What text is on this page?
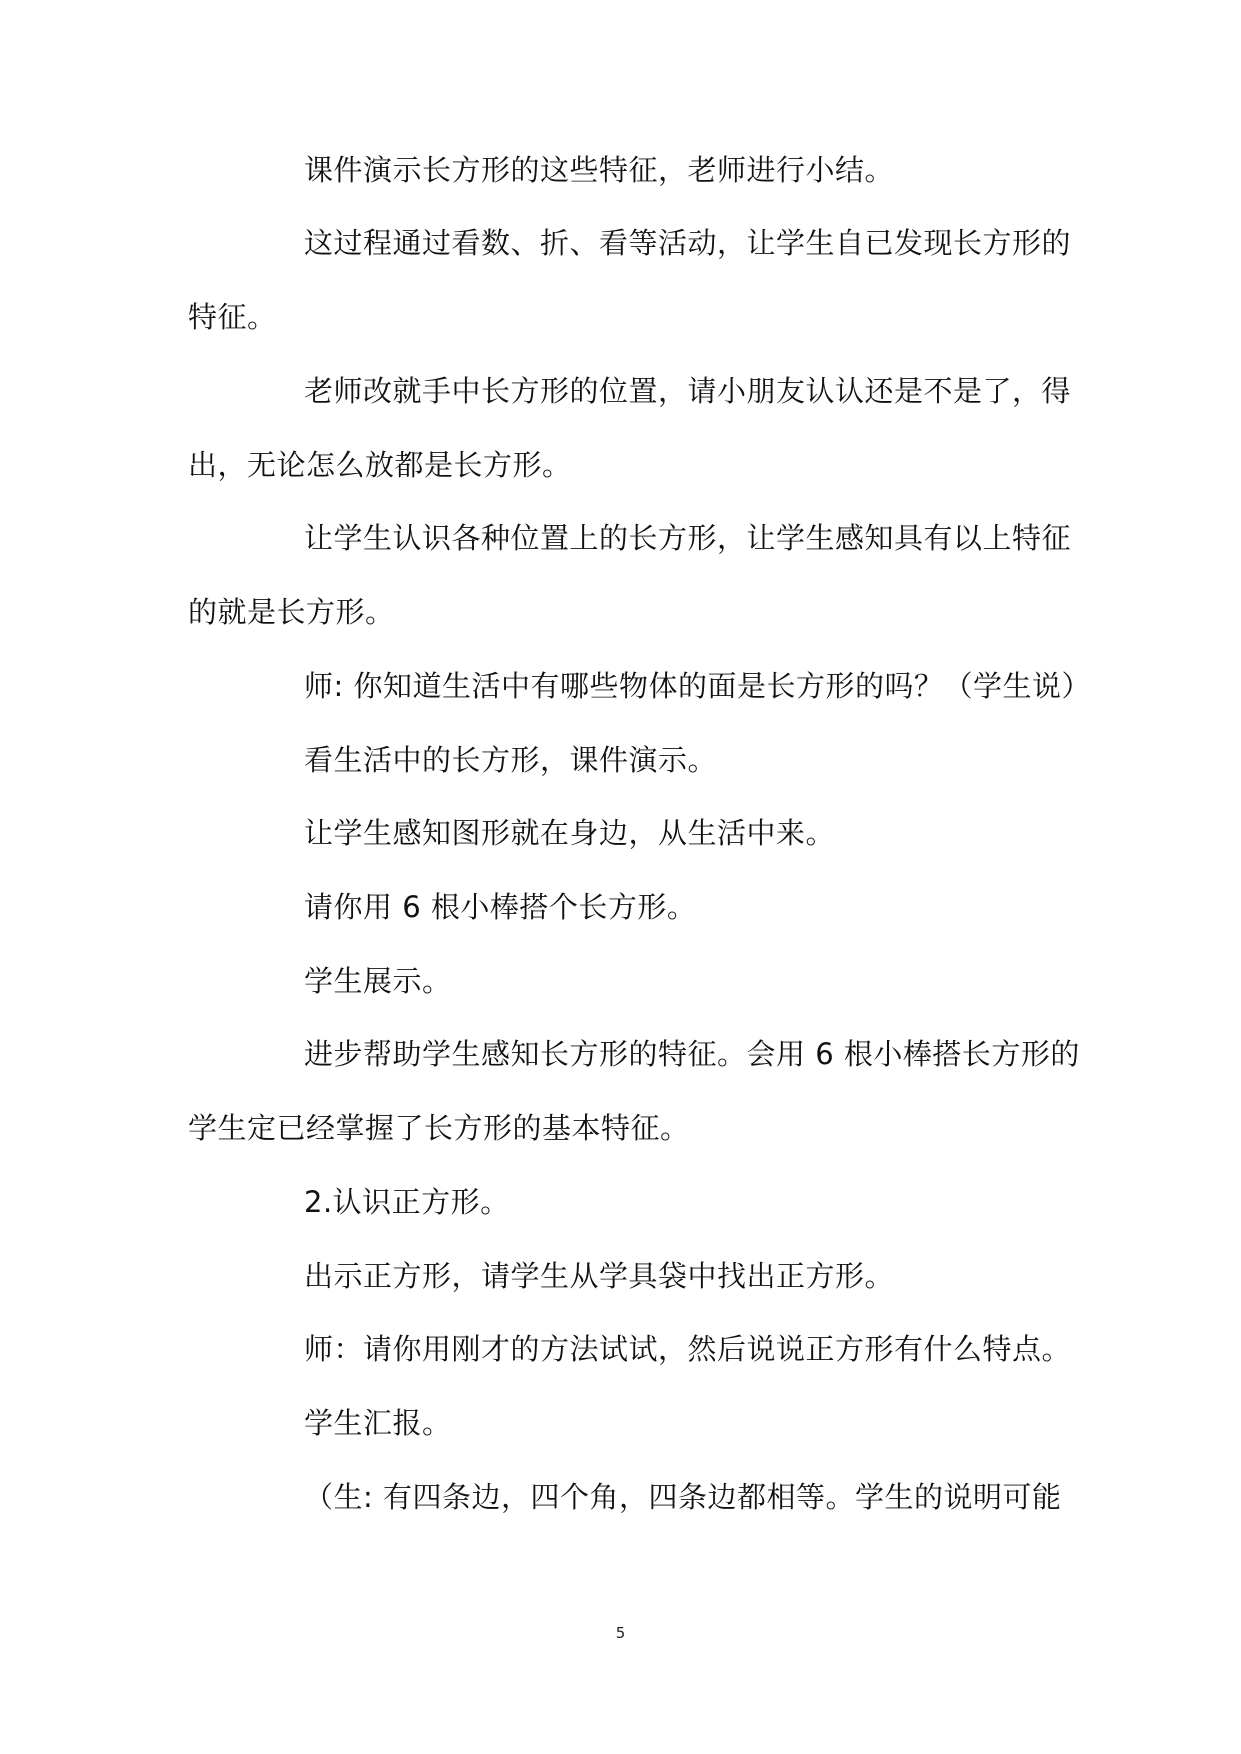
课件演示长方形的这些特征，老师进行小结。
这过程通过看数、折、看等活动，让学生自已发现长方形的
特征。
老师改就手中长方形的位置，请小朋友认认还是不是了，得
出，无论怎么放都是长方形。
让学生认识各种位置上的长方形，让学生感知具有以上特征
的就是长方形。
师: 你知道生活中有哪些物体的面是长方形的吗？（学生说）
看生活中的长方形，课件演示。
让学生感知图形就在身边，从生活中来。
请你用 6 根小棒搭个长方形。
学生展示。
进步帮助学生感知长方形的特征。会用 6 根小棒搭长方形的
学生定已经掌握了长方形的基本特征。
2.认识正方形。
出示正方形，请学生从学具袋中找出正方形。
师：请你用刚才的方法试试，然后说说正方形有什么特点。
学生汇报。
（生: 有四条边，四个角，四条边都相等。学生的说明可能
5
